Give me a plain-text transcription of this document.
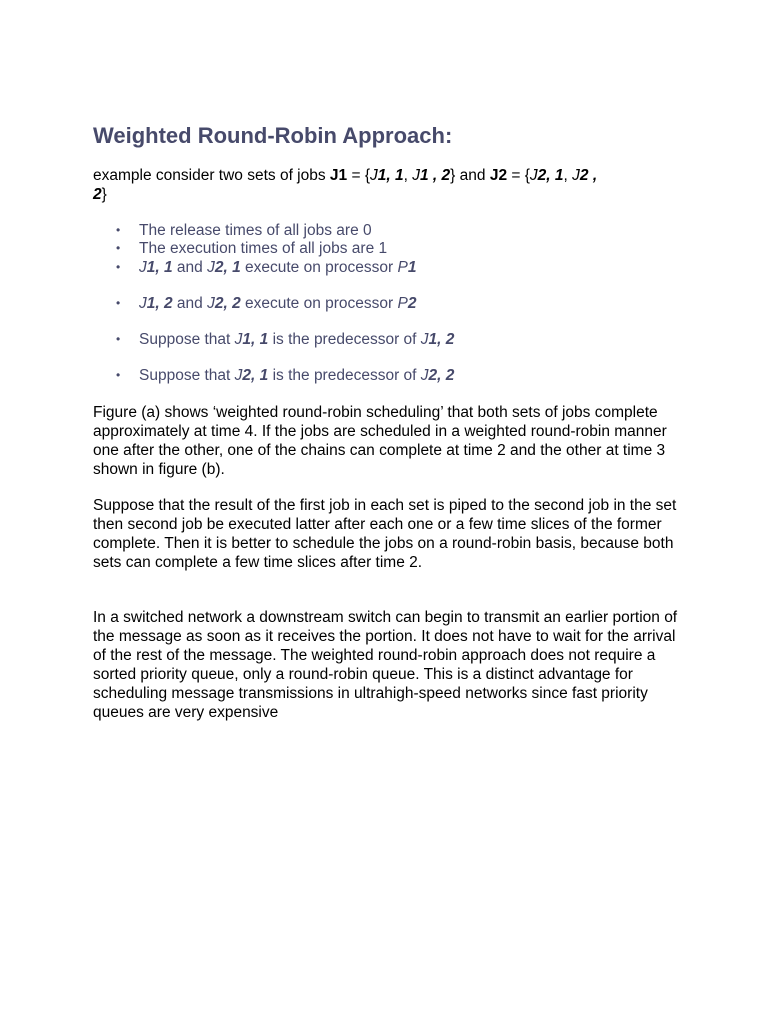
Weighted Round-Robin Approach:

example consider two sets of jobs J1 = {J1, 1, J1 , 2} and J2 = {J2, 1, J2 ,
2}

• The release times of all jobs are 0
• The execution times of all jobs are 1
• J1, 1 and J2, 1 execute on processor P1
• J1, 2 and J2, 2 execute on processor P2
• Suppose that J1, 1 is the predecessor of J1, 2
• Suppose that J2, 1 is the predecessor of J2, 2

Figure (a) shows ‘weighted round-robin scheduling’ that both sets of jobs complete approximately at time 4. If the jobs are scheduled in a weighted round-robin manner one after the other, one of the chains can complete at time 2 and the other at time 3 shown in figure (b).

Suppose that the result of the first job in each set is piped to the second job in the set then second job be executed latter after each one or a few time slices of the former complete. Then it is better to schedule the jobs on a round-robin basis, because both sets can complete a few time slices after time 2.

In a switched network a downstream switch can begin to transmit an earlier portion of the message as soon as it receives the portion. It does not have to wait for the arrival of the rest of the message. The weighted round-robin approach does not require a sorted priority queue, only a round-robin queue. This is a distinct advantage for scheduling message transmissions in ultrahigh-speed networks since fast priority queues are very expensive
